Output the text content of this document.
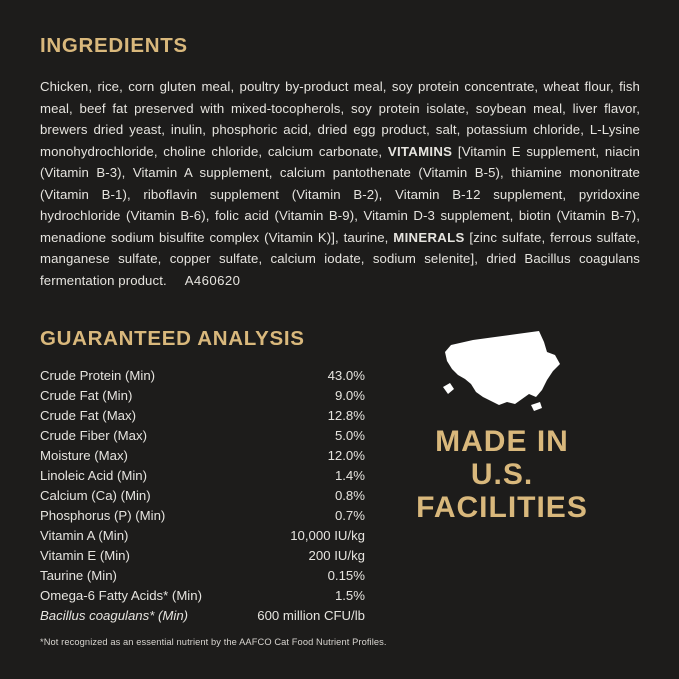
INGREDIENTS

Chicken, rice, corn gluten meal, poultry by-product meal, soy protein concentrate, wheat flour, fish meal, beef fat preserved with mixed-tocopherols, soy protein isolate, soybean meal, liver flavor, brewers dried yeast, inulin, phosphoric acid, dried egg product, salt, potassium chloride, L-Lysine monohydrochloride, choline chloride, calcium carbonate, VITAMINS [Vitamin E supplement, niacin (Vitamin B-3), Vitamin A supplement, calcium pantothenate (Vitamin B-5), thiamine mononitrate (Vitamin B-1), riboflavin supplement (Vitamin B-2), Vitamin B-12 supplement, pyridoxine hydrochloride (Vitamin B-6), folic acid (Vitamin B-9), Vitamin D-3 supplement, biotin (Vitamin B-7), menadione sodium bisulfite complex (Vitamin K)], taurine, MINERALS [zinc sulfate, ferrous sulfate, manganese sulfate, copper sulfate, calcium iodate, sodium selenite], dried Bacillus coagulans fermentation product. A460620

GUARANTEED ANALYSIS
Crude Protein (Min)	43.0%
Crude Fat (Min)	9.0%
Crude Fat (Max)	12.8%
Crude Fiber (Max)	5.0%
Moisture (Max)	12.0%
Linoleic Acid (Min)	1.4%
Calcium (Ca) (Min)	0.8%
Phosphorus (P) (Min)	0.7%
Vitamin A (Min)	10,000 IU/kg
Vitamin E (Min)	200 IU/kg
Taurine (Min)	0.15%
Omega-6 Fatty Acids* (Min)	1.5%
Bacillus coagulans* (Min)	600 million CFU/lb
MADE IN
U.S.
FACILITIES
*Not recognized as an essential nutrient by the AAFCO Cat Food Nutrient Profiles.
